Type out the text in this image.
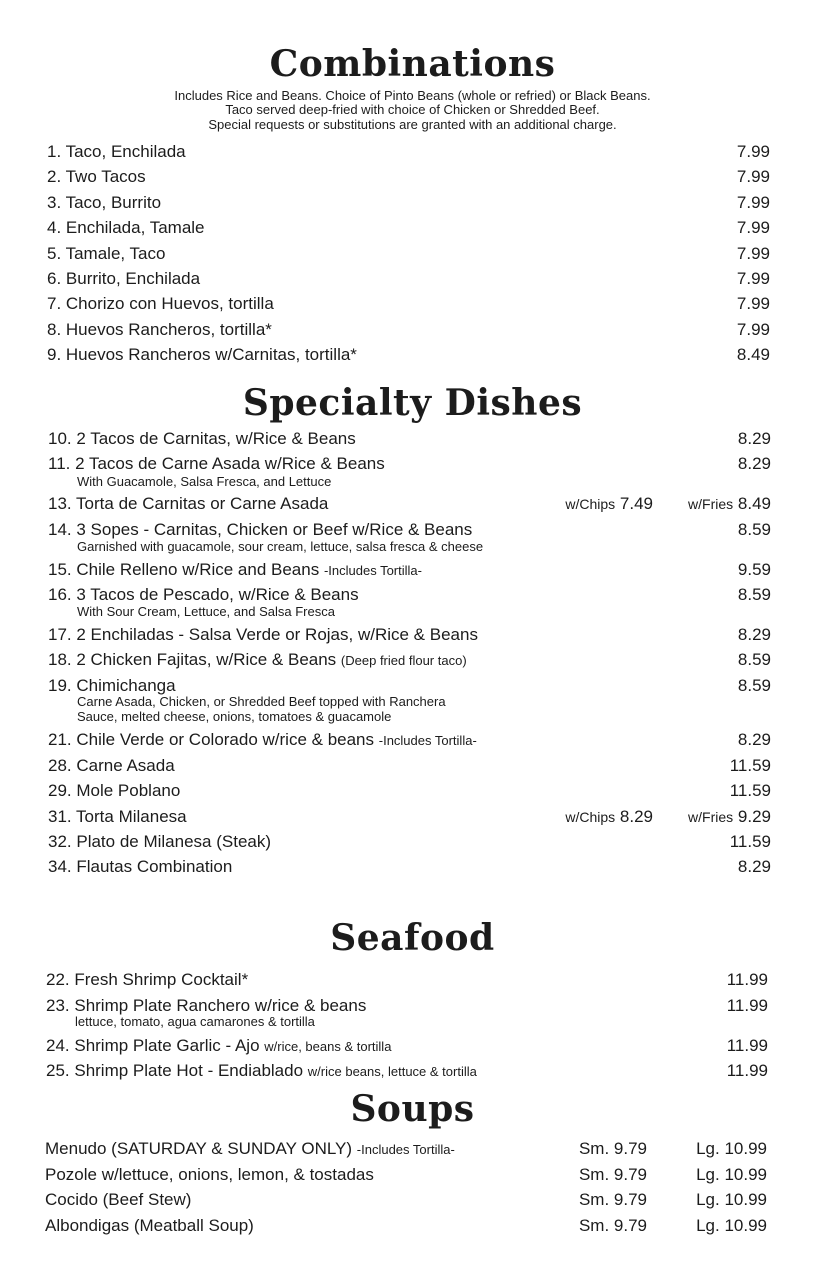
Combinations
Includes Rice and Beans. Choice of Pinto Beans (whole or refried) or Black Beans.
Taco served deep-fried with choice of Chicken or Shredded Beef.
Special requests or substitutions are granted with an additional charge.
1. Taco, Enchilada	7.99
2. Two Tacos	7.99
3. Taco, Burrito	7.99
4. Enchilada, Tamale	7.99
5. Tamale, Taco	7.99
6. Burrito, Enchilada	7.99
7. Chorizo con Huevos, tortilla	7.99
8. Huevos Rancheros, tortilla*	7.99
9. Huevos Rancheros w/Carnitas, tortilla*	8.49
Specialty Dishes
10. 2 Tacos de Carnitas, w/Rice & Beans	8.29
11. 2 Tacos de Carne Asada w/Rice & Beans	8.29
With Guacamole, Salsa Fresca, and Lettuce
13. Torta de Carnitas or Carne Asada	w/Chips 7.49	w/Fries 8.49
14. 3 Sopes - Carnitas, Chicken or Beef w/Rice & Beans	8.59
Garnished with guacamole, sour cream, lettuce, salsa fresca & cheese
15. Chile Relleno w/Rice and Beans -Includes Tortilla-	9.59
16. 3 Tacos de Pescado, w/Rice & Beans	8.59
With Sour Cream, Lettuce, and Salsa Fresca
17. 2 Enchiladas - Salsa Verde or Rojas, w/Rice & Beans	8.29
18. 2 Chicken Fajitas, w/Rice & Beans (Deep fried flour taco)	8.59
19. Chimichanga	8.59
Carne Asada, Chicken, or Shredded Beef topped with Ranchera
Sauce, melted cheese, onions, tomatoes & guacamole
21. Chile Verde or Colorado w/rice & beans -Includes Tortilla-	8.29
28. Carne Asada	11.59
29. Mole Poblano	11.59
31. Torta Milanesa	w/Chips 8.29	w/Fries 9.29
32. Plato de Milanesa (Steak)	11.59
34. Flautas Combination	8.29
Seafood
22. Fresh Shrimp Cocktail*	11.99
23. Shrimp Plate Ranchero w/rice & beans	11.99
lettuce, tomato, agua camarones & tortilla
24. Shrimp Plate Garlic - Ajo w/rice, beans & tortilla	11.99
25. Shrimp Plate Hot - Endiablado w/rice beans, lettuce & tortilla	11.99
Soups
Menudo (SATURDAY & SUNDAY ONLY) -Includes Tortilla-	Sm. 9.79	Lg. 10.99
Pozole w/lettuce, onions, lemon, & tostadas	Sm. 9.79	Lg. 10.99
Cocido (Beef Stew)	Sm. 9.79	Lg. 10.99
Albondigas (Meatball Soup)	Sm. 9.79	Lg. 10.99
